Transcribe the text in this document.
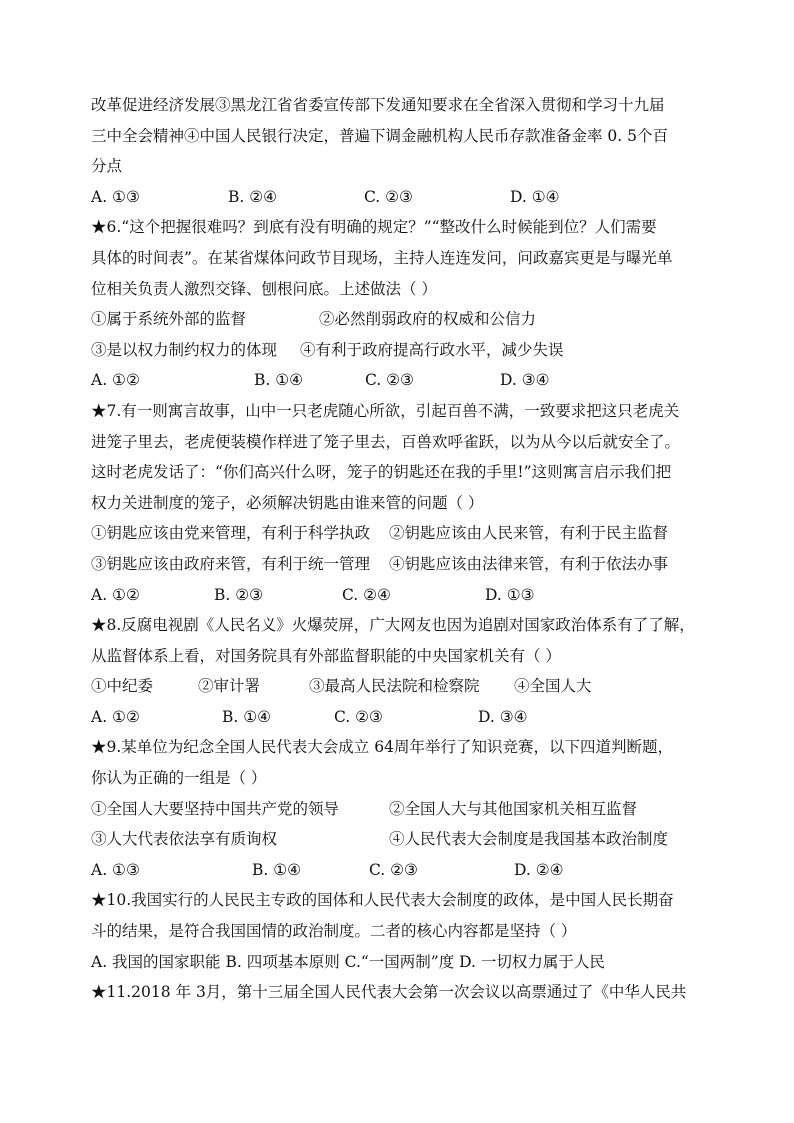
改革促进经济发展③黑龙江省省委宣传部下发通知要求在全省深入贯彻和学习十九届
三中全会精神④中国人民银行决定，普遍下调金融机构人民币存款准备金率 0. 5个百
分点
A. ①③	B. ②④	C. ②③	D. ①④
★6.“这个把握很难吗？到底有没有明确的规定？”“整改什么时候能到位？人们需要
具体的时间表”。在某省煤体问政节目现场，主持人连连发问，问政嘉宾更是与曝光单
位相关负责人激烈交锋、刨根问底。上述做法（ ）
①属于系统外部的监督	②必然削弱政府的权威和公信力
③是以权力制约权力的体现	④有利于政府提高行政水平，减少失误
A. ①②	B. ①④	C. ②③	D. ③④
★7.有一则寓言故事，山中一只老虎随心所欲，引起百兽不满，一致要求把这只老虎关
进笼子里去，老虎便装模作样进了笼子里去，百兽欢呼雀跃，以为从今以后就安全了。
这时老虎发话了：“你们高兴什么呀，笼子的钥匙还在我的手里!”这则寓言启示我们把
权力关进制度的笼子，必须解决钥匙由谁来管的问题（ ）
①钥匙应该由党来管理，有利于科学执政	②钥匙应该由人民来管，有利于民主监督
③钥匙应该由政府来管，有利于统一管理	④钥匙应该由法律来管，有利于依法办事
A. ①②	B. ②③	C. ②④	D. ①③
★8.反腐电视剧《人民名义》火爆荧屏，广大网友也因为追剧对国家政治体系有了了解，
从监督体系上看，对国务院具有外部监督职能的中央国家机关有（ ）
①中纪委	②审计署	③最高人民法院和检察院	④全国人大
A. ①②	B. ①④	C. ②③	D. ③④
★9.某单位为纪念全国人民代表大会成立 64周年举行了知识竞赛，以下四道判断题，
你认为正确的一组是（ ）
①全国人大要坚持中国共产党的领导	②全国人大与其他国家机关相互监督
③人大代表依法享有质询权	④人民代表大会制度是我国基本政治制度
A. ①③	B. ①④	C. ②③	D. ②④
★10.我国实行的人民民主专政的国体和人民代表大会制度的政体，是中国人民长期奋
斗的结果，是符合我国国情的政治制度。二者的核心内容都是坚持（ ）
A. 我国的国家职能 B. 四项基本原则 C.“一国两制”度 D. 一切权力属于人民
★11.2018 年 3月，第十三届全国人民代表大会第一次会议以高票通过了《中华人民共
